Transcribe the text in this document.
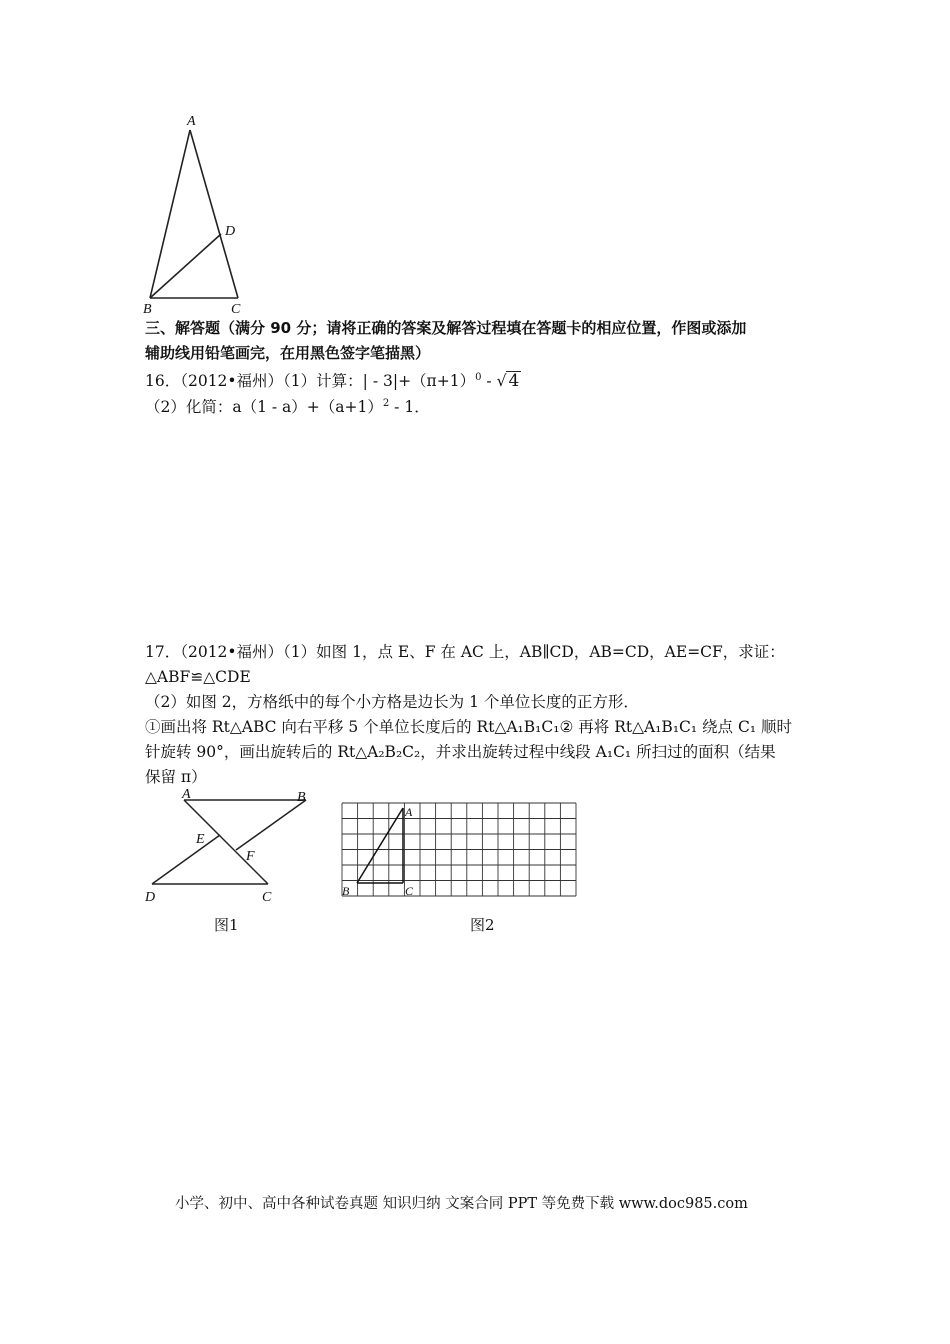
A
D
B	C
三、解答题（满分 90 分；请将正确的答案及解答过程填在答题卡的相应位置，作图或添加
辅助线用铅笔画完，在用黑色签字笔描黑）
16．（2012•福州）（1）计算：| - $3|+(\pi+1)^0$ - √ 4
（2）化简：$a(1 - a)+(a+1)^2 - 1$．
17．（2012•福州）（1）如图 1，点 E、F 在 AC 上，AB∥CD，AB=CD，AE=CF，求证：
△ABF≌△CDE
（2）如图 2，方格纸中的每个小方格是边长为 1 个单位长度的正方形．
①画出将 Rt△ABC 向右平移 5 个单位长度后的 Rt△A₁B₁C₁② 再将 Rt△A₁B₁C₁ 绕点 C₁ 顺时
针旋转 90°，画出旋转后的 Rt△A₂B₂C₂，并求出旋转过程中线段 A₁C₁ 所扫过的面积（结果
保留 π）
A	B
E
F
D	C
图1
A
B	C
图2
小学、初中、高中各种试卷真题 知识归纳 文案合同 PPT 等免费下载 www.doc985.com
